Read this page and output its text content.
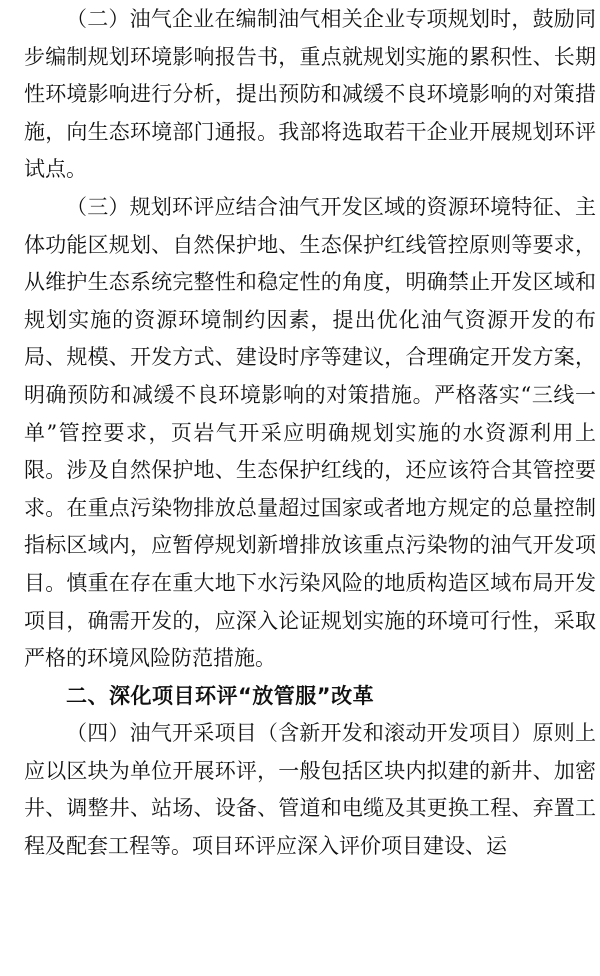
（二）油气企业在编制油气相关企业专项规划时，鼓励同步编制规划环境影响报告书，重点就规划实施的累积性、长期性环境影响进行分析，提出预防和减缓不良环境影响的对策措施，向生态环境部门通报。我部将选取若干企业开展规划环评试点。

（三）规划环评应结合油气开发区域的资源环境特征、主体功能区规划、自然保护地、生态保护红线管控原则等要求，从维护生态系统完整性和稳定性的角度，明确禁止开发区域和规划实施的资源环境制约因素，提出优化油气资源开发的布局、规模、开发方式、建设时序等建议，合理确定开发方案，明确预防和减缓不良环境影响的对策措施。严格落实“三线一单”管控要求，页岩气开采应明确规划实施的水资源利用上限。涉及自然保护地、生态保护红线的，还应该符合其管控要求。在重点污染物排放总量超过国家或者地方规定的总量控制指标区域内，应暂停规划新增排放该重点污染物的油气开发项目。慎重在存在重大地下水污染风险的地质构造区域布局开发项目，确需开发的，应深入论证规划实施的环境可行性，采取严格的环境风险防范措施。

二、深化项目环评“放管服”改革

（四）油气开采项目（含新开发和滚动开发项目）原则上应以区块为单位开展环评，一般包括区块内拟建的新井、加密井、调整井、站场、设备、管道和电缆及其更换工程、弃置工程及配套工程等。项目环评应深入评价项目建设、运
